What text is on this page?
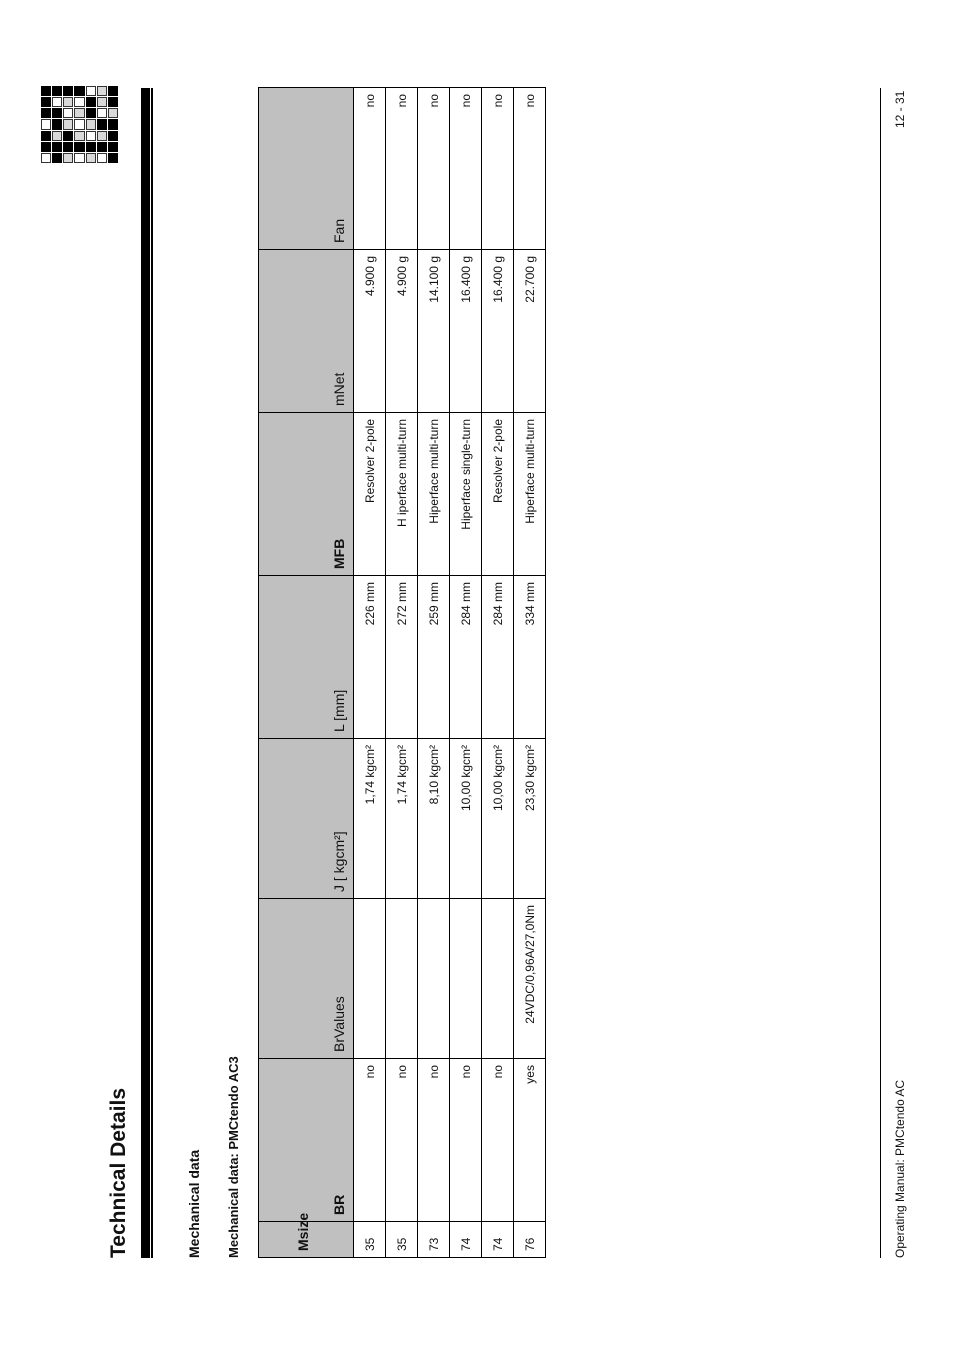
Technical Details	Mechanical data Mechanical data: PMCtendo AC3	Msize	BR	BrValues	J [ kgcm²]	L [mm]	MFB	mNet	Fan
35	no		1,74 kgcm²	226 mm	Resolver 2-pole	4.900 g	no
35	no		1,74 kgcm²	272 mm	H iperface multi-turn	4.900 g	no
73	no		8,10 kgcm²	259 mm	Hiperface multi-turn	14.100 g	no
74	no		10,00 kgcm²	284 mm	Hiperface single-turn	16.400 g	no
74	no		10,00 kgcm²	284 mm	Resolver 2-pole	16.400 g	no
76	yes	24VDC/0,96A/27,0Nm	23,30 kgcm²	334 mm	Hiperface multi-turn	22.700 g	no
Operating Manual: PMCtendo AC
12 - 31
